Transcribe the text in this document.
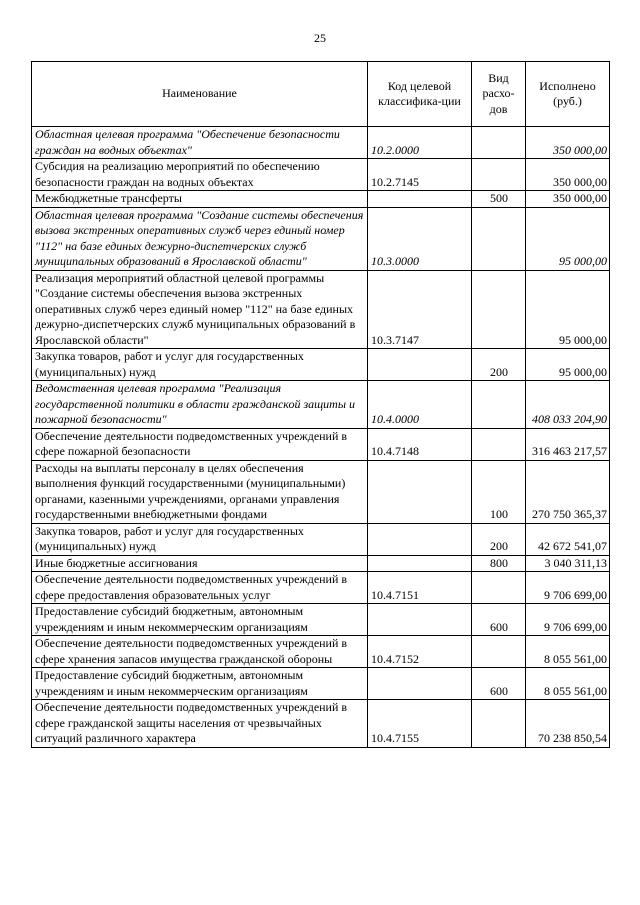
25
Наименование	Код целевой классифика-ции	Вид расхо-дов	Исполнено (руб.)
Областная целевая программа "Обеспечение безопасности граждан на водных объектах"	10.2.0000		350 000,00
Субсидия на реализацию мероприятий по обеспечению безопасности граждан на водных объектах	10.2.7145		350 000,00
Межбюджетные трансферты		500	350 000,00
Областная целевая программа "Создание системы обеспечения вызова экстренных оперативных служб через единый номер "112" на базе единых дежурно-диспетчерских служб муниципальных образований в Ярославской области"	10.3.0000		95 000,00
Реализация мероприятий областной целевой программы "Создание системы обеспечения вызова экстренных оперативных служб через единый номер "112" на базе единых дежурно-диспетчерских служб муниципальных образований в Ярославской области"	10.3.7147		95 000,00
Закупка товаров, работ и услуг для государственных (муниципальных) нужд		200	95 000,00
Ведомственная целевая программа "Реализация государственной политики в области гражданской защиты и пожарной безопасности"	10.4.0000		408 033 204,90
Обеспечение деятельности подведомственных учреждений в сфере пожарной безопасности	10.4.7148		316 463 217,57
Расходы на выплаты персоналу в целях обеспечения выполнения функций государственными (муниципальными) органами, казенными учреждениями, органами управления государственными внебюджетными фондами		100	270 750 365,37
Закупка товаров, работ и услуг для государственных (муниципальных) нужд		200	42 672 541,07
Иные бюджетные ассигнования		800	3 040 311,13
Обеспечение деятельности подведомственных учреждений в сфере предоставления образовательных услуг	10.4.7151		9 706 699,00
Предоставление субсидий бюджетным, автономным учреждениям и иным некоммерческим организациям		600	9 706 699,00
Обеспечение деятельности подведомственных учреждений в сфере хранения запасов имущества гражданской обороны	10.4.7152		8 055 561,00
Предоставление субсидий бюджетным, автономным учреждениям и иным некоммерческим организациям		600	8 055 561,00
Обеспечение деятельности подведомственных учреждений в сфере гражданской защиты населения от чрезвычайных ситуаций различного характера	10.4.7155		70 238 850,54
